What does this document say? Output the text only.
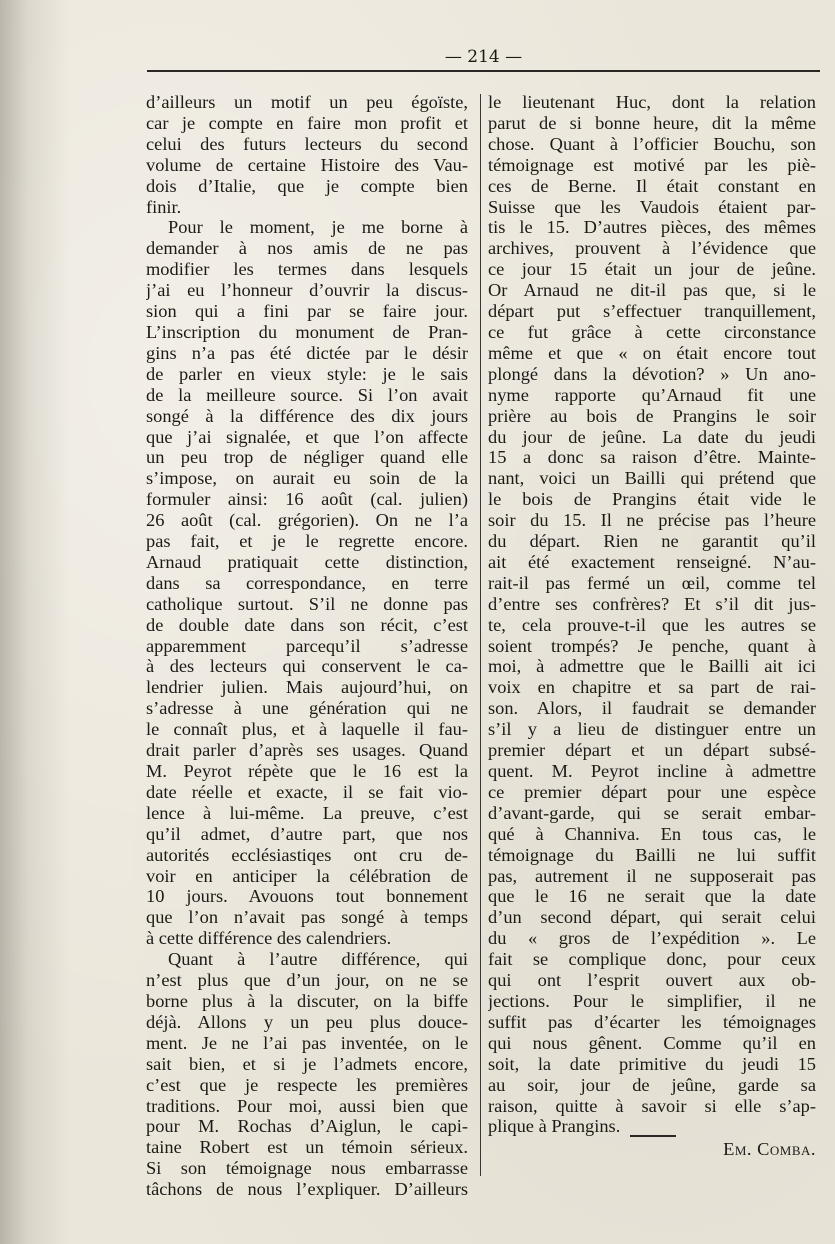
— 214 —
d’ailleurs un motif un peu égoïste,
car je compte en faire mon profit et
celui des futurs lecteurs du second
volume de certaine Histoire des Vau-
dois d’Italie, que je compte bien
finir.
Pour le moment, je me borne à
demander à nos amis de ne pas
modifier les termes dans lesquels
j’ai eu l’honneur d’ouvrir la discus-
sion qui a fini par se faire jour.
L’inscription du monument de Pran-
gins n’a pas été dictée par le désir
de parler en vieux style: je le sais
de la meilleure source. Si l’on avait
songé à la différence des dix jours
que j’ai signalée, et que l’on affecte
un peu trop de négliger quand elle
s’impose, on aurait eu soin de la
formuler ainsi: 16 août (cal. julien)
26 août (cal. grégorien). On ne l’a
pas fait, et je le regrette encore.
Arnaud pratiquait cette distinction,
dans sa correspondance, en terre
catholique surtout. S’il ne donne pas
de double date dans son récit, c’est
apparemment parcequ’il s’adresse
à des lecteurs qui conservent le ca-
lendrier julien. Mais aujourd’hui, on
s’adresse à une génération qui ne
le connaît plus, et à laquelle il fau-
drait parler d’après ses usages. Quand
M. Peyrot répète que le 16 est la
date réelle et exacte, il se fait vio-
lence à lui-même. La preuve, c’est
qu’il admet, d’autre part, que nos
autorités ecclésiastiqes ont cru de-
voir en anticiper la célébration de
10 jours. Avouons tout bonnement
que l’on n’avait pas songé à temps
à cette différence des calendriers.
Quant à l’autre différence, qui
n’est plus que d’un jour, on ne se
borne plus à la discuter, on la biffe
déjà. Allons y un peu plus douce-
ment. Je ne l’ai pas inventée, on le
sait bien, et si je l’admets encore,
c’est que je respecte les premières
traditions. Pour moi, aussi bien que
pour M. Rochas d’Aiglun, le capi-
taine Robert est un témoin sérieux.
Si son témoignage nous embarrasse
tâchons de nous l’expliquer. D’ailleurs
le lieutenant Huc, dont la relation
parut de si bonne heure, dit la même
chose. Quant à l’officier Bouchu, son
témoignage est motivé par les piè-
ces de Berne. Il était constant en
Suisse que les Vaudois étaient par-
tis le 15. D’autres pièces, des mêmes
archives, prouvent à l’évidence que
ce jour 15 était un jour de jeûne.
Or Arnaud ne dit-il pas que, si le
départ put s’effectuer tranquillement,
ce fut grâce à cette circonstance
même et que « on était encore tout
plongé dans la dévotion? » Un ano-
nyme rapporte qu’Arnaud fit une
prière au bois de Prangins le soir
du jour de jeûne. La date du jeudi
15 a donc sa raison d’être. Mainte-
nant, voici un Bailli qui prétend que
le bois de Prangins était vide le
soir du 15. Il ne précise pas l’heure
du départ. Rien ne garantit qu’il
ait été exactement renseigné. N’au-
rait-il pas fermé un œil, comme tel
d’entre ses confrères? Et s’il dit jus-
te, cela prouve-t-il que les autres se
soient trompés? Je penche, quant à
moi, à admettre que le Bailli ait ici
voix en chapitre et sa part de rai-
son. Alors, il faudrait se demander
s’il y a lieu de distinguer entre un
premier départ et un départ subsé-
quent. M. Peyrot incline à admettre
ce premier départ pour une espèce
d’avant-garde, qui se serait embar-
qué à Channiva. En tous cas, le
témoignage du Bailli ne lui suffit
pas, autrement il ne supposerait pas
que le 16 ne serait que la date
d’un second départ, qui serait celui
du « gros de l’expédition ». Le
fait se complique donc, pour ceux
qui ont l’esprit ouvert aux ob-
jections. Pour le simplifier, il ne
suffit pas d’écarter les témoignages
qui nous gênent. Comme qu’il en
soit, la date primitive du jeudi 15
au soir, jour de jeûne, garde sa
raison, quitte à savoir si elle s’ap-
plique à Prangins.
Em. Comba.
